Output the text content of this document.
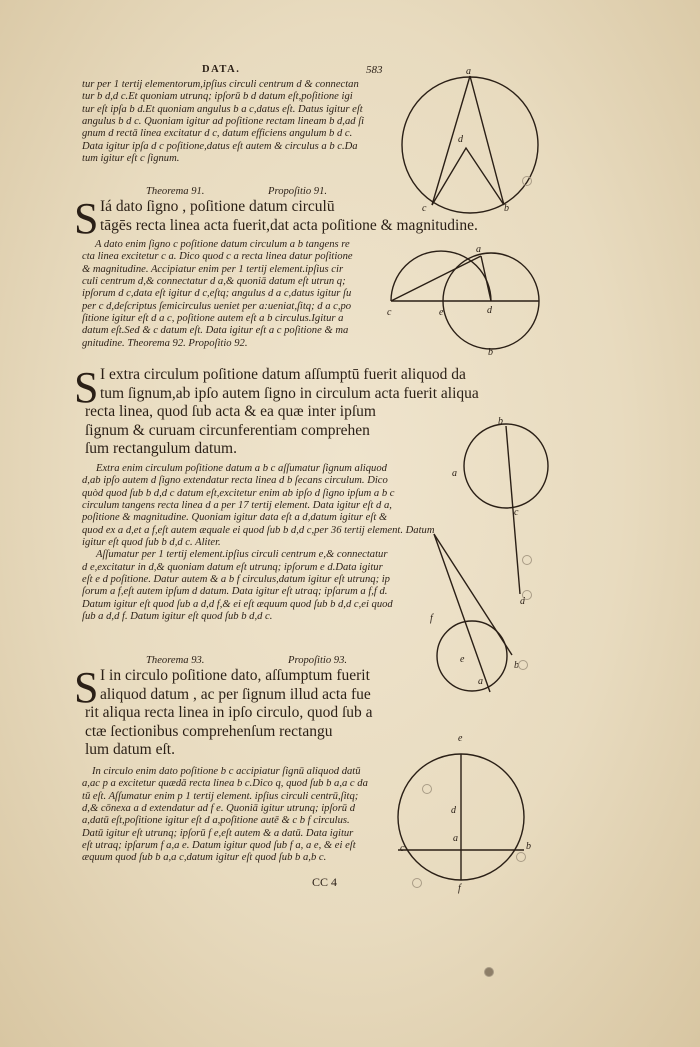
DATA.	583
tur per 1 tertij elementorum,ipſius circuli centrum d & connectan
tur b d,d c.Et quoniam utrunq; ipſorū b d datum eſt,poſitione igi
tur eſt ipſa b d.Et quoniam angulus b a c,datus eſt. Datus igitur eſt
angulus b d c. Quoniam igitur ad poſitione rectam lineam b d,ad ſi
gnum d rectā linea excitatur d c, datum efficiens angulum b d c.
Data igitur ipſa d c poſitione,datus eſt autem & circulus a b c.Da
tum igitur eſt c ſignum.
Theorema 91.	Propoſitio 91.
S Iá dato ſigno , poſitione datum circulū
tāgēs recta linea acta fuerit,dat acta poſitione & magnitudine.
A dato enim ſigno c poſitione datum circulum a b tangens re
cta linea excitetur c a. Dico quod c a recta linea datur poſitione
& magnitudine. Accipiatur enim per 1 tertij element.ipſius cir
culi centrum d,& connectatur d a,& quoniā datum eſt utrun q;
ipſorum d c,data eſt igitur d c,eſtq; angulus d a c,datus igitur ſu
per c d,deſcriptus ſemicirculus ueniet per a:ueniat,ſitq; d a c,po
ſitione igitur eſt d a c, poſitione autem eſt a b circulus.Igitur a
datum eſt.Sed & c datum eſt. Data igitur eſt a c poſitione & ma
gnitudine. Theorema 92. Propoſitio 92.
S I extra circulum poſitione datum aſſumptū fuerit aliquod da
tum ſignum,ab ipſo autem ſigno in circulum acta fuerit aliqua
recta linea, quod ſub acta & ea quæ inter ipſum
ſignum & curuam circunferentiam comprehen
ſum rectangulum datum.
Extra enim circulum poſitione datum a b c aſſumatur ſignum aliquod
d,ab ipſo autem d ſigno extendatur recta linea d b ſecans circulum. Dico
quòd quod ſub b d,d c datum eſt,excitetur enim ab ipſo d ſigno ipſum a b c
circulum tangens recta linea d a per 17 tertij element. Data igitur eſt d a,
poſitione & magnitudine. Quoniam igitur data eſt a d,datum igitur eſt &
quod ex a d,et a f,eſt autem æquale ei quod ſub b d,d c,per 36 tertij element. Datum
igitur eſt quod ſub b d,d c. Aliter.
Aſſumatur per 1 tertij element.ipſius circuli centrum e,& connectatur
d e,excitatur in d,& quoniam datum eſt utrunq; ipſorum e d.Data igitur
eſt e d poſitione. Datur autem & a b f circulus,datum igitur eſt utrunq; ip
ſorum a f,eſt autem ipſum d datum. Data igitur eſt utraq; ipſarum a f,f d.
Datum igitur eſt quod ſub a d,d f,& ei eſt æquum quod ſub b d,d c,ei quod
ſub a d,d f. Datum igitur eſt quod ſub b d,d c.
Theorema 93.	Propoſitio 93.
S I in circulo poſitione dato, aſſumptum fuerit
aliquod datum , ac per ſignum illud acta fue
rit aliqua recta linea in ipſo circulo, quod ſub a
ctæ ſectionibus comprehenſum rectangu
lum datum eſt.
In circulo enim dato poſitione b c accipiatur ſignū aliquod datū
a,ac p a excitetur quædā recta linea b c.Dico q, quod ſub b a,a c da
tū eſt. Aſſumatur enim p 1 tertij element. ipſius circuli centrū,ſitq;
d,& cōnexa a d extendatur ad f e. Quoniā igitur utrunq; ipſorū d
a,datū eſt,poſitione igitur eſt d a,poſitione autē & c b f circulus.
Datū igitur eſt utrunq; ipſorū f e,eſt autem & a datū. Data igitur
eſt utraq; ipſarum f a,a e. Datum igitur quod ſub f a, a e, & ei eſt
æquum quod ſub b a,a c,datum igitur eſt quod ſub b a,b c.
CC 4
a
d
c	b
a
c	e	d
b
a
c
b
d
f
e
a
b
e
d
c
a
b
f
